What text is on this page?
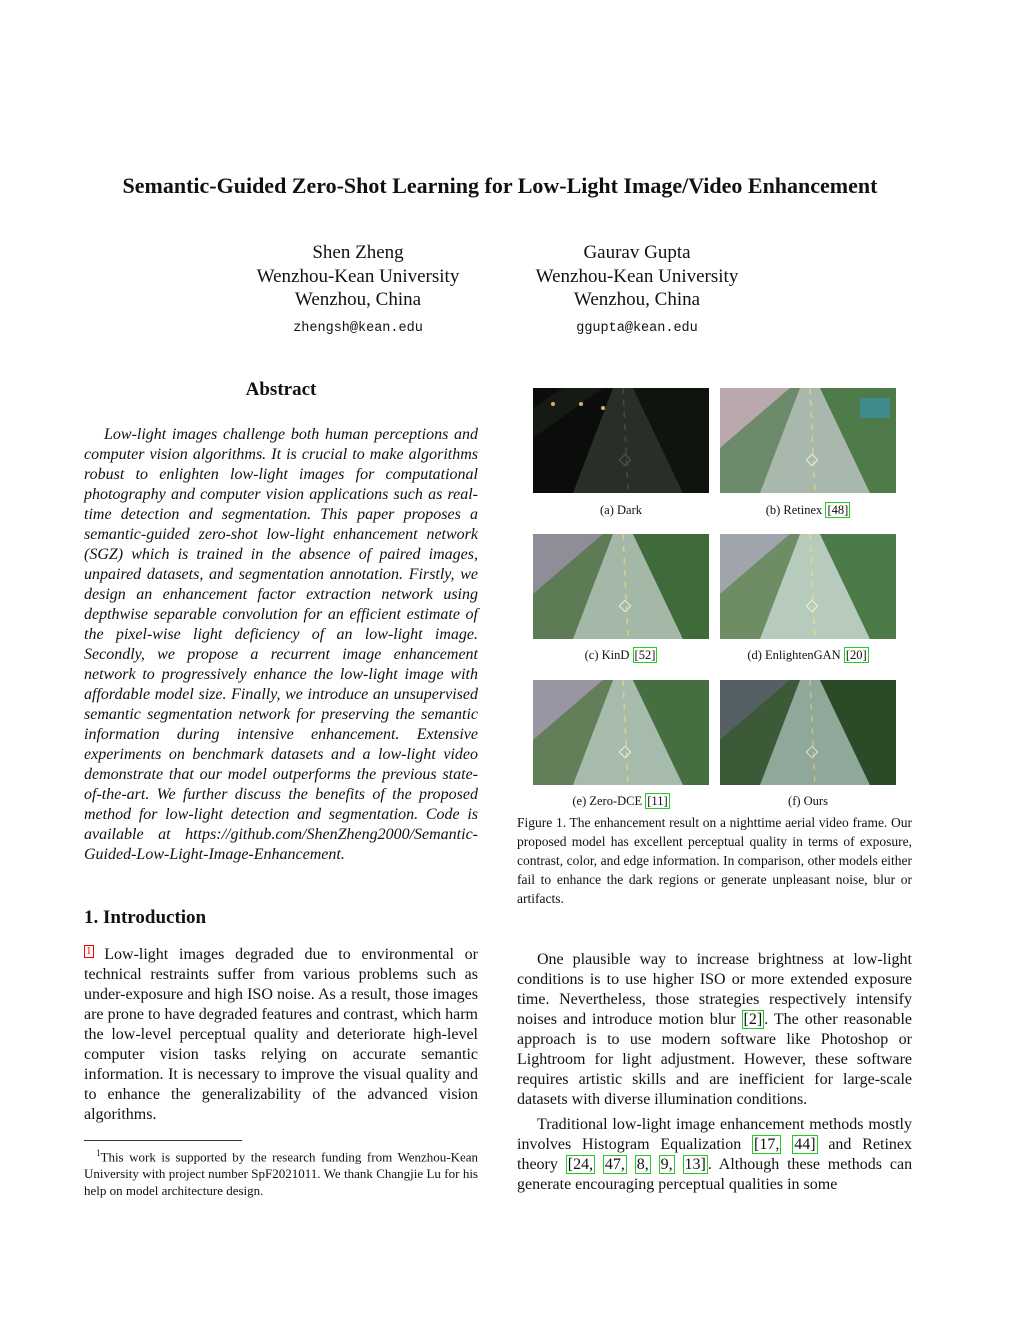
Semantic-Guided Zero-Shot Learning for Low-Light Image/Video Enhancement
Shen Zheng
Wenzhou-Kean University
Wenzhou, China
zhengsh@kean.edu
Gaurav Gupta
Wenzhou-Kean University
Wenzhou, China
ggupta@kean.edu
Abstract

Low-light images challenge both human perceptions and computer vision algorithms. It is crucial to make algorithms robust to enlighten low-light images for computational photography and computer vision applications such as real-time detection and segmentation. This paper proposes a semantic-guided zero-shot low-light enhancement network (SGZ) which is trained in the absence of paired images, unpaired datasets, and segmentation annotation. Firstly, we design an enhancement factor extraction network using depthwise separable convolution for an efficient estimate of the pixel-wise light deficiency of an low-light image. Secondly, we propose a recurrent image enhancement network to progressively enhance the low-light image with affordable model size. Finally, we introduce an unsupervised semantic segmentation network for preserving the semantic information during intensive enhancement. Extensive experiments on benchmark datasets and a low-light video demonstrate that our model outperforms the previous state-of-the-art. We further discuss the benefits of the proposed method for low-light detection and segmentation. Code is available at https://github.com/ShenZheng2000/Semantic-Guided-Low-Light-Image-Enhancement.

1. Introduction

1 Low-light images degraded due to environmental or technical restraints suffer from various problems such as under-exposure and high ISO noise. As a result, those images are prone to have degraded features and contrast, which harm the low-level perceptual quality and deteriorate high-level computer vision tasks relying on accurate semantic information. It is necessary to improve the visual quality and to enhance the generalizability of the advanced vision algorithms.

$^1$This work is supported by the research funding from Wenzhou-Kean University with project number SpF2021011. We thank Changjie Lu for his help on model architecture design.

(a) Dark	(b) Retinex [48]
(c) KinD [52]	(d) EnlightenGAN [20]
(e) Zero-DCE [11]	(f) Ours

Figure 1. The enhancement result on a nighttime aerial video frame. Our proposed model has excellent perceptual quality in terms of exposure, contrast, color, and edge information. In comparison, other models either fail to enhance the dark regions or generate unpleasant noise, blur or artifacts.

One plausible way to increase brightness at low-light conditions is to use higher ISO or more extended exposure time. Nevertheless, those strategies respectively intensify noises and introduce motion blur [2] . The other reasonable approach is to use modern software like Photoshop or Lightroom for light adjustment. However, these software requires artistic skills and are inefficient for large-scale datasets with diverse illumination conditions.

Traditional low-light image enhancement methods mostly involves Histogram Equalization [17, 44] and Retinex theory [24, 47, 8, 9, 13] . Although these methods can generate encouraging perceptual qualities in some
